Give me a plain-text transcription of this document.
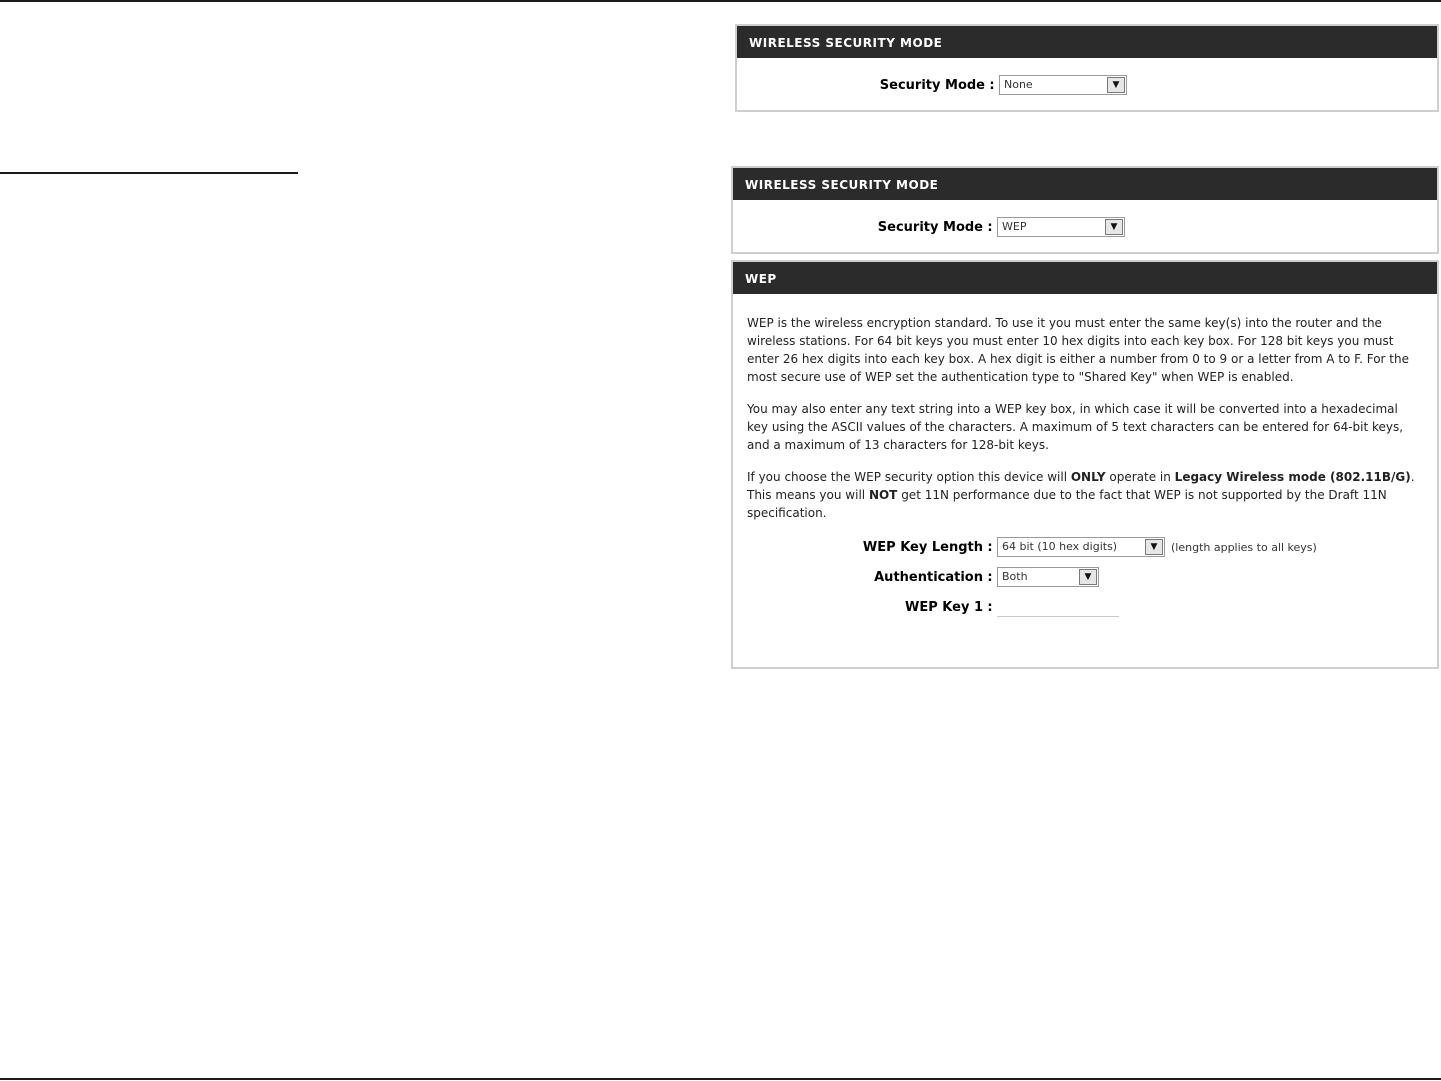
WIRELESS SECURITY MODE
Security Mode : None	▼
WIRELESS SECURITY MODE
Security Mode : WEP	▼
WEP

WEP is the wireless encryption standard. To use it you must enter the same key(s) into the router and the wireless stations. For 64 bit keys you must enter 10 hex digits into each key box. For 128 bit keys you must enter 26 hex digits into each key box. A hex digit is either a number from 0 to 9 or a letter from A to F. For the most secure use of WEP set the authentication type to "Shared Key" when WEP is enabled.

You may also enter any text string into a WEP key box, in which case it will be converted into a hexadecimal key using the ASCII values of the characters. A maximum of 5 text characters can be entered for 64-bit keys, and a maximum of 13 characters for 128-bit keys.

If you choose the WEP security option this device will ONLY operate in Legacy Wireless mode (802.11B/G). This means you will NOT get 11N performance due to the fact that WEP is not supported by the Draft 11N specification.

WEP Key Length : 64 bit (10 hex digits)	▼	(length applies to all keys)
Authentication : Both	▼
WEP Key 1 :
